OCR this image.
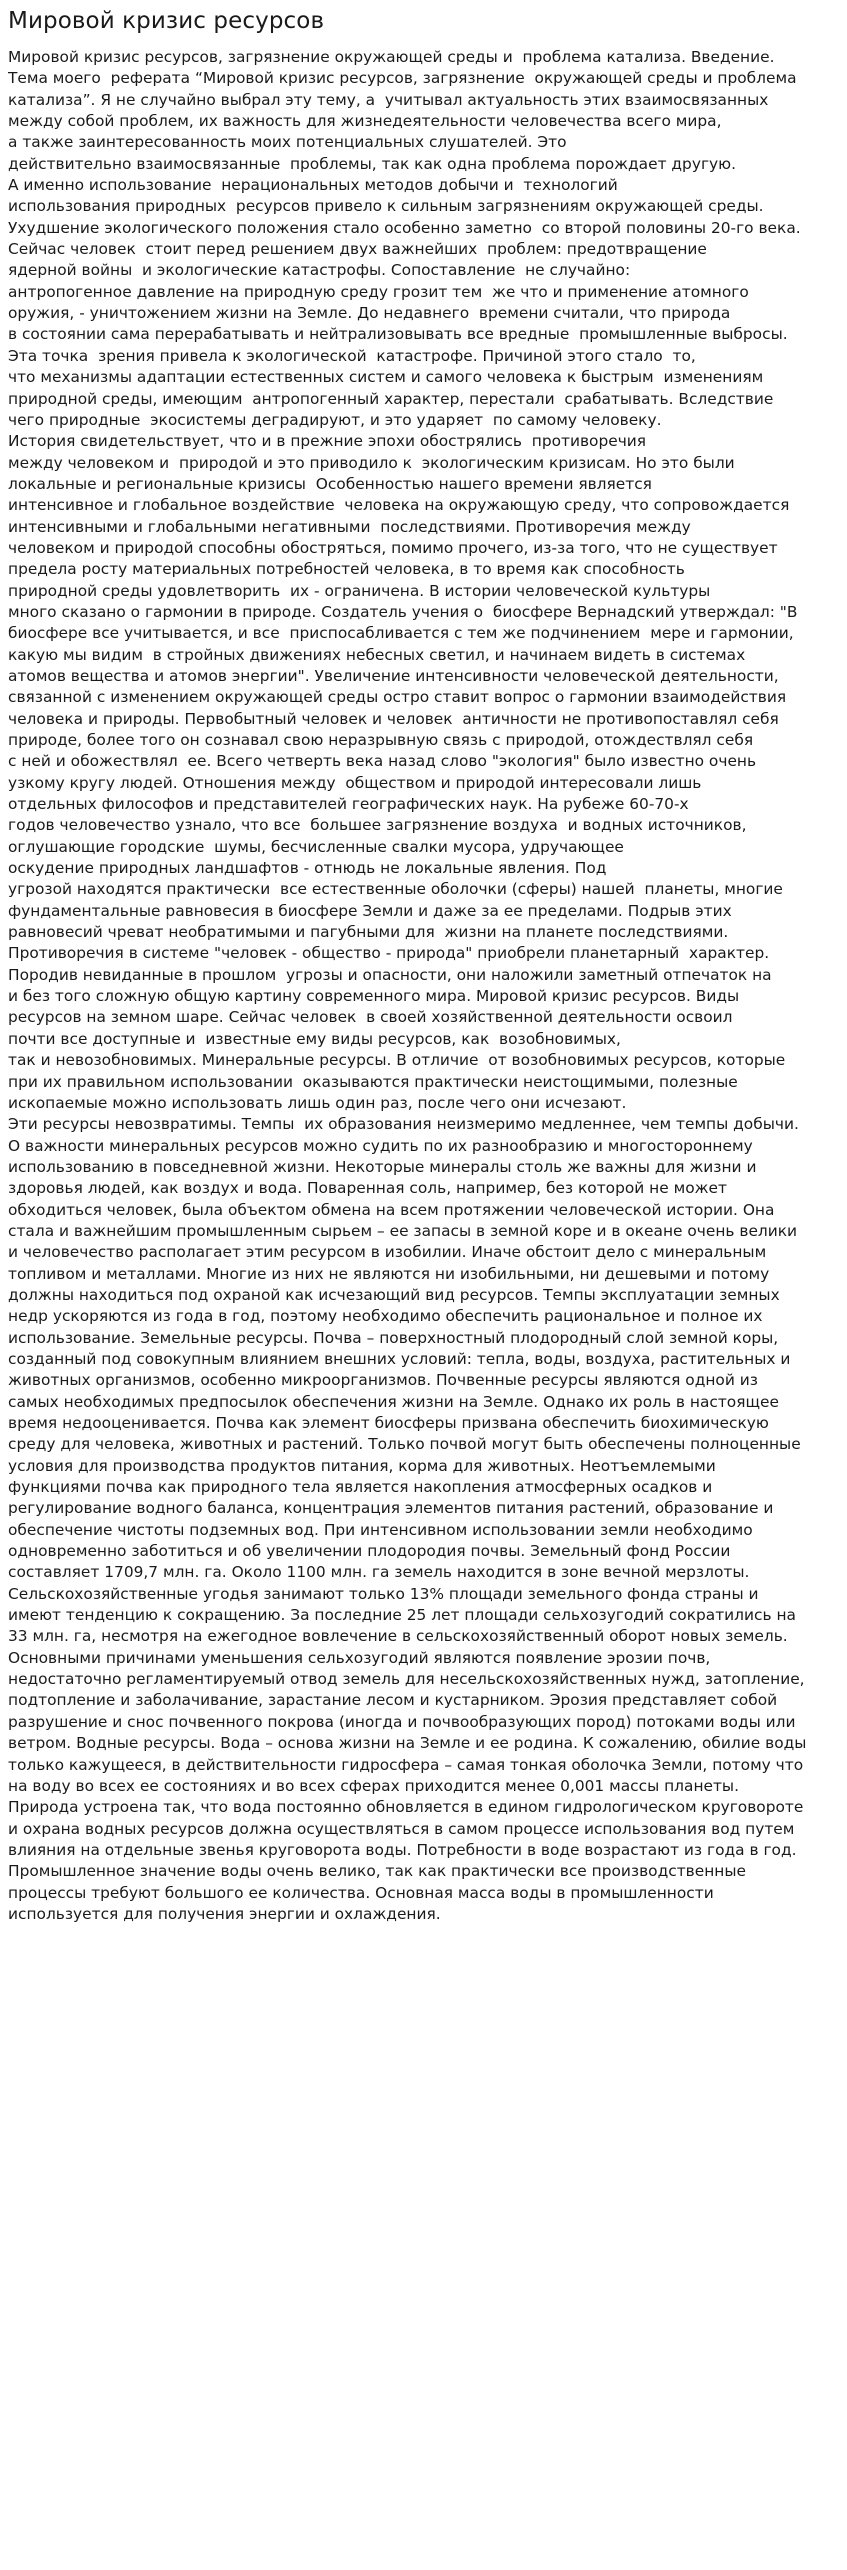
Мировой кризис ресурсов
Мировой кризис ресурсов, загрязнение окружающей среды и  проблема катализа. Введение.
Тема моего  реферата “Мировой кризис ресурсов, загрязнение  окружающей среды и проблема
катализа”. Я не случайно выбрал эту тему, а  учитывал актуальность этих взаимосвязанных
между собой проблем, их важность для жизнедеятельности человечества всего мира,
а также заинтересованность моих потенциальных слушателей. Это
действительно взаимосвязанные  проблемы, так как одна проблема порождает другую.
А именно использование  нерациональных методов добычи и  технологий
использования природных  ресурсов привело к сильным загрязнениям окружающей среды.
Ухудшение экологического положения стало особенно заметно  со второй половины 20-го века.
Сейчас человек  стоит перед решением двух важнейших  проблем: предотвращение
ядерной войны  и экологические катастрофы. Сопоставление  не случайно:
антропогенное давление на природную среду грозит тем  же что и применение атомного
оружия, - уничтожением жизни на Земле. До недавнего  времени считали, что природа
в состоянии сама перерабатывать и нейтрализовывать все вредные  промышленные выбросы.
Эта точка  зрения привела к экологической  катастрофе. Причиной этого стало  то,
что механизмы адаптации естественных систем и самого человека к быстрым  изменениям
природной среды, имеющим  антропогенный характер, перестали  срабатывать. Вследствие
чего природные  экосистемы деградируют, и это ударяет  по самому человеку.
История свидетельствует, что и в прежние эпохи обострялись  противоречия
между человеком и  природой и это приводило к  экологическим кризисам. Но это были
локальные и региональные кризисы  Особенностью нашего времени является
интенсивное и глобальное воздействие  человека на окружающую среду, что сопровождается
интенсивными и глобальными негативными  последствиями. Противоречия между
человеком и природой способны обостряться, помимо прочего, из-за того, что не существует
предела росту материальных потребностей человека, в то время как способность
природной среды удовлетворить  их - ограничена. В истории человеческой культуры
много сказано о гармонии в природе. Создатель учения о  биосфере Вернадский утверждал: "В
биосфере все учитывается, и все  приспосабливается с тем же подчинением  мере и гармонии,
какую мы видим  в стройных движениях небесных светил, и начинаем видеть в системах
атомов вещества и атомов энергии". Увеличение интенсивности человеческой деятельности,
связанной с изменением окружающей среды остро ставит вопрос о гармонии взаимодействия
человека и природы. Первобытный человек и человек  античности не противопоставлял себя
природе, более того он сознавал свою неразрывную связь с природой, отождествлял себя
с ней и обожествлял  ее. Всего четверть века назад слово "экология" было известно очень
узкому кругу людей. Отношения между  обществом и природой интересовали лишь
отдельных философов и представителей географических наук. На рубеже 60-70-х
годов человечество узнало, что все  большее загрязнение воздуха  и водных источников,
оглушающие городские  шумы, бесчисленные свалки мусора, удручающее
оскудение природных ландшафтов - отнюдь не локальные явления. Под
угрозой находятся практически  все естественные оболочки (сферы) нашей  планеты, многие
фундаментальные равновесия в биосфере Земли и даже за ее пределами. Подрыв этих
равновесий чреват необратимыми и пагубными для  жизни на планете последствиями.
Противоречия в системе "человек - общество - природа" приобрели планетарный  характер.
Породив невиданные в прошлом  угрозы и опасности, они наложили заметный отпечаток на
и без того сложную общую картину современного мира. Мировой кризис ресурсов. Виды
ресурсов на земном шаре. Сейчас человек  в своей хозяйственной деятельности освоил
почти все доступные и  известные ему виды ресурсов, как  возобновимых,
так и невозобновимых. Минеральные ресурсы. В отличие  от возобновимых ресурсов, которые
при их правильном использовании  оказываются практически неистощимыми, полезные
ископаемые можно использовать лишь один раз, после чего они исчезают.
Эти ресурсы невозвратимы. Темпы  их образования неизмеримо медленнее, чем темпы добычи.
О важности минеральных ресурсов можно судить по их разнообразию и многостороннему
использованию в повседневной жизни. Некоторые минералы столь же важны для жизни и
здоровья людей, как воздух и вода. Поваренная соль, например, без которой не может
обходиться человек, была объектом обмена на всем протяжении человеческой истории. Она
стала и важнейшим промышленным сырьем – ее запасы в земной коре и в океане очень велики
и человечество располагает этим ресурсом в изобилии. Иначе обстоит дело с минеральным
топливом и металлами. Многие из них не являются ни изобильными, ни дешевыми и потому
должны находиться под охраной как исчезающий вид ресурсов. Темпы эксплуатации земных
недр ускоряются из года в год, поэтому необходимо обеспечить рациональное и полное их
использование. Земельные ресурсы. Почва – поверхностный плодородный слой земной коры,
созданный под совокупным влиянием внешних условий: тепла, воды, воздуха, растительных и
животных организмов, особенно микроорганизмов. Почвенные ресурсы являются одной из
самых необходимых предпосылок обеспечения жизни на Земле. Однако их роль в настоящее
время недооценивается. Почва как элемент биосферы призвана обеспечить биохимическую
среду для человека, животных и растений. Только почвой могут быть обеспечены полноценные
условия для производства продуктов питания, корма для животных. Неотъемлемыми
функциями почва как природного тела является накопления атмосферных осадков и
регулирование водного баланса, концентрация элементов питания растений, образование и
обеспечение чистоты подземных вод. При интенсивном использовании земли необходимо
одновременно заботиться и об увеличении плодородия почвы. Земельный фонд России
составляет 1709,7 млн. га. Около 1100 млн. га земель находится в зоне вечной мерзлоты.
Сельскохозяйственные угодья занимают только 13% площади земельного фонда страны и
имеют тенденцию к сокращению. За последние 25 лет площади сельхозугодий сократились на
33 млн. га, несмотря на ежегодное вовлечение в сельскохозяйственный оборот новых земель.
Основными причинами уменьшения сельхозугодий являются появление эрозии почв,
недостаточно регламентируемый отвод земель для несельскохозяйственных нужд, затопление,
подтопление и заболачивание, зарастание лесом и кустарником. Эрозия представляет собой
разрушение и снос почвенного покрова (иногда и почвообразующих пород) потоками воды или
ветром. Водные ресурсы. Вода – основа жизни на Земле и ее родина. К сожалению, обилие воды
только кажущееся, в действительности гидросфера – самая тонкая оболочка Земли, потому что
на воду во всех ее состояниях и во всех сферах приходится менее 0,001 массы планеты.
Природа устроена так, что вода постоянно обновляется в едином гидрологическом круговороте
и охрана водных ресурсов должна осуществляться в самом процессе использования вод путем
влияния на отдельные звенья круговорота воды. Потребности в воде возрастают из года в год.
Промышленное значение воды очень велико, так как практически все производственные
процессы требуют большого ее количества. Основная масса воды в промышленности
используется для получения энергии и охлаждения.
